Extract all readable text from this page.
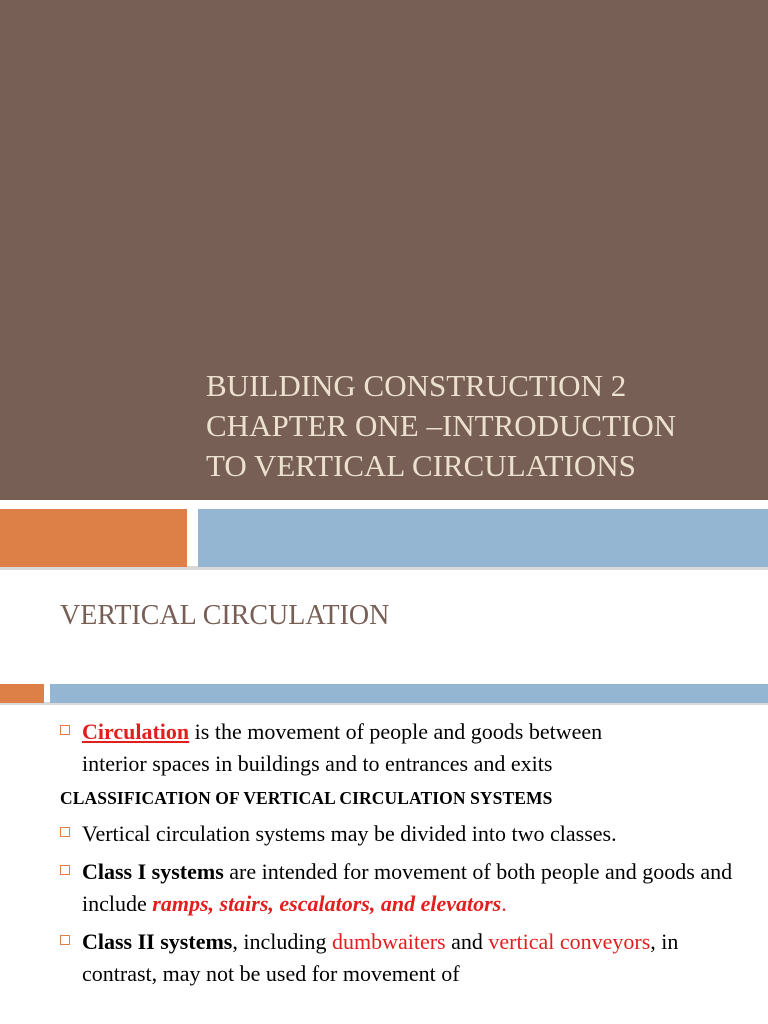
BUILDING CONSTRUCTION 2
CHAPTER ONE –INTRODUCTION
TO VERTICAL CIRCULATIONS
VERTICAL CIRCULATION
Circulation is the movement of people and goods between
interior spaces in buildings and to entrances and exits

CLASSIFICATION OF VERTICAL CIRCULATION SYSTEMS

Vertical circulation systems may be divided into two classes.
Class I systems are intended for movement of both people and goods and include ramps, stairs, escalators, and elevators.
Class II systems, including dumbwaiters and vertical conveyors, in contrast, may not be used for movement of
